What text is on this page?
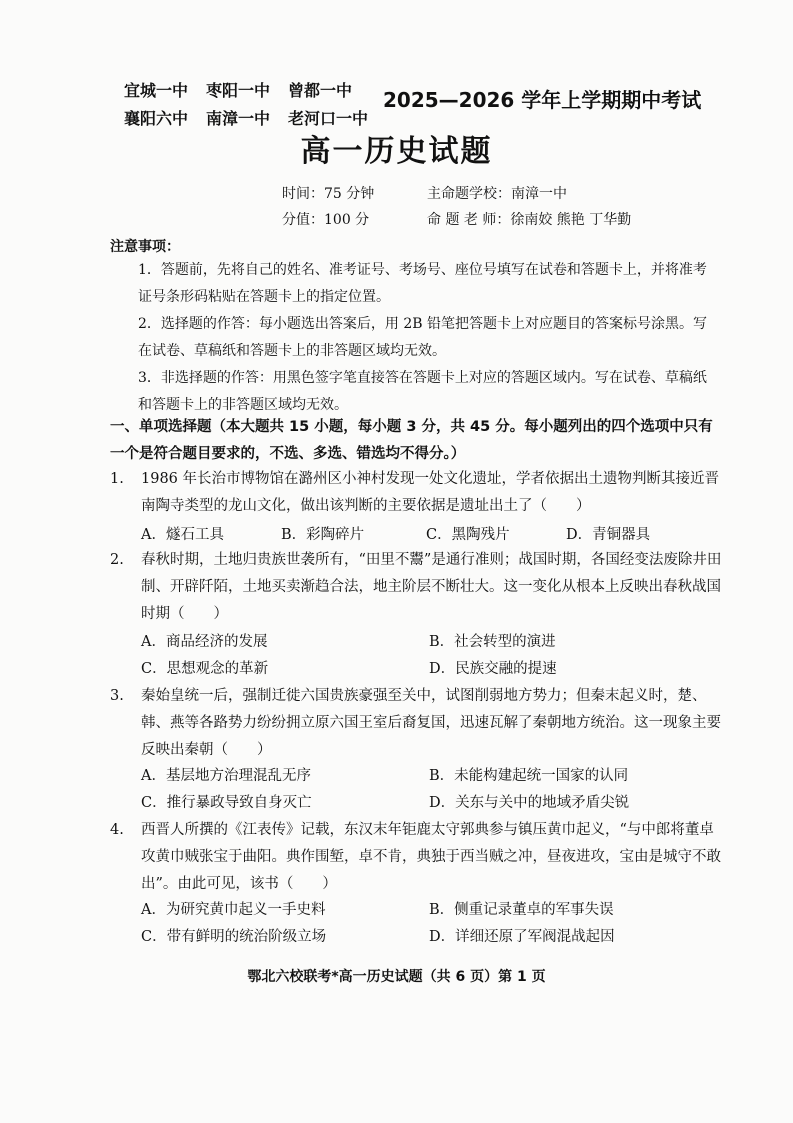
宜城一中 枣阳一中 曾都一中
襄阳六中 南漳一中 老河口一中
2025—2026 学年上学期期中考试
高一历史试题
时间：75 分钟
分值：100 分
主命题学校：南漳一中
命 题 老 师：徐南姣 熊艳 丁华勤
注意事项：
1．答题前，先将自己的姓名、准考证号、考场号、座位号填写在试卷和答题卡上，并将准考证号条形码粘贴在答题卡上的指定位置。
2．选择题的作答：每小题选出答案后，用 2B 铅笔把答题卡上对应题目的答案标号涂黑。写在试卷、草稿纸和答题卡上的非答题区域均无效。
3．非选择题的作答：用黑色签字笔直接答在答题卡上对应的答题区域内。写在试卷、草稿纸和答题卡上的非答题区域均无效。
一、单项选择题（本大题共 15 小题，每小题 3 分，共 45 分。每小题列出的四个选项中只有一个是符合题目要求的，不选、多选、错选均不得分。）
1. 1986 年长治市博物馆在潞州区小神村发现一处文化遗址，学者依据出土遗物判断其接近晋南陶寺类型的龙山文化，做出该判断的主要依据是遗址出土了（　　）
A．燧石工具	B．彩陶碎片	C．黑陶残片	D．青铜器具
2. 春秋时期，土地归贵族世袭所有，“田里不鬻”是通行准则；战国时期，各国经变法废除井田制、开辟阡陌，土地买卖渐趋合法，地主阶层不断壮大。这一变化从根本上反映出春秋战国时期（　　）
A．商品经济的发展	B．社会转型的演进
C．思想观念的革新	D．民族交融的提速
3. 秦始皇统一后，强制迁徙六国贵族豪强至关中，试图削弱地方势力；但秦末起义时，楚、韩、燕等各路势力纷纷拥立原六国王室后裔复国，迅速瓦解了秦朝地方统治。这一现象主要反映出秦朝（　　）
A．基层地方治理混乱无序	B．未能构建起统一国家的认同
C．推行暴政导致自身灭亡	D．关东与关中的地域矛盾尖锐
4. 西晋人所撰的《江表传》记载，东汉末年钜鹿太守郭典参与镇压黄巾起义，“与中郎将董卓攻黄巾贼张宝于曲阳。典作围堑，卓不肯，典独于西当贼之冲，昼夜进攻，宝由是城守不敢出”。由此可见，该书（　　）
A．为研究黄巾起义一手史料	B．侧重记录董卓的军事失误
C．带有鲜明的统治阶级立场	D．详细还原了军阀混战起因
鄂北六校联考*高一历史试题（共 6 页）第 1 页
